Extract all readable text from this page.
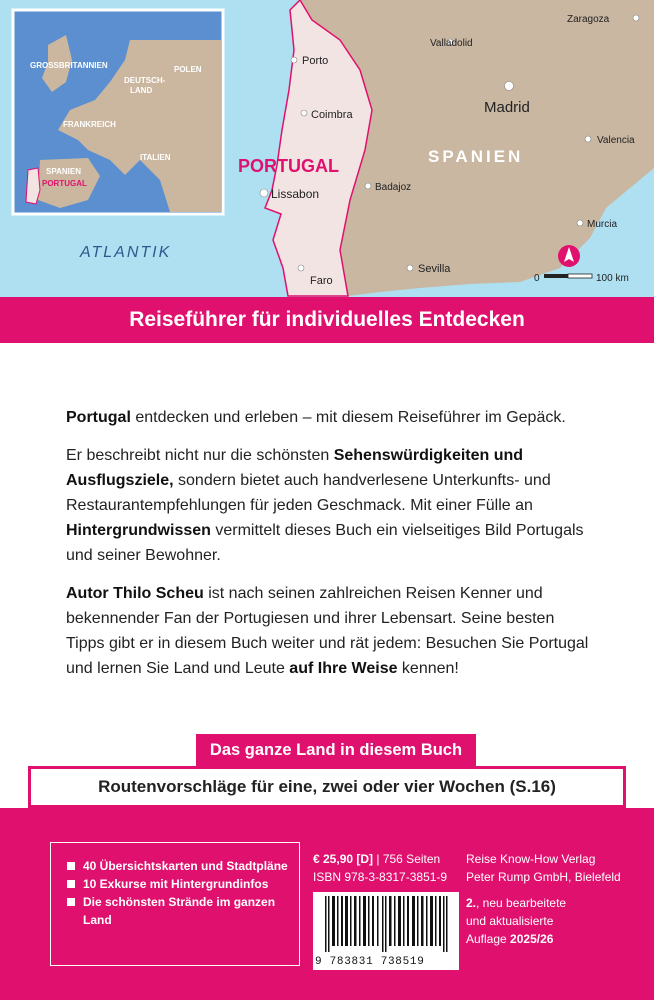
GROSSBRITANNIEN	POLEN
DEUTSCH-
LAND
FRANKREICH
SPANIEN
ITALIEN
PORTUGAL
ATLANTIK
Porto
Coimbra
Lissabon
Faro
Zaragoza
Valladolid
Madrid
Valencia
Badajoz
Murcia
Sevilla
PORTUGAL	SPANIEN
0	100 km
Reiseführer für individuelles Entdecken

Portugal entdecken und erleben – mit diesem Reiseführer im Gepäck.

Er beschreibt nicht nur die schönsten Sehenswürdigkeiten und Ausflugsziele, sondern bietet auch handverlesene Unterkunfts- und Restaurantempfehlungen für jeden Geschmack. Mit einer Fülle an Hintergrundwissen vermittelt dieses Buch ein vielseitiges Bild Portugals und seiner Bewohner.

Autor Thilo Scheu ist nach seinen zahlreichen Reisen Kenner und bekennender Fan der Portugiesen und ihrer Lebensart. Seine besten Tipps gibt er in diesem Buch weiter und rät jedem: Besuchen Sie Portugal und lernen Sie Land und Leute auf Ihre Weise kennen!

Das ganze Land in diesem Buch
Routenvorschläge für eine, zwei oder vier Wochen (S.16)
40 Übersichtskarten und Stadtpläne
10 Exkurse mit Hintergrundinfos
Die schönsten Strände im ganzen Land
€ 25,90 [D] | 756 Seiten
ISBN 978-3-8317-3851-9
Reise Know-How Verlag
Peter Rump GmbH, Bielefeld
9 783831 738519
2., neu bearbeitete
und aktualisierte
Auflage 2025/26
